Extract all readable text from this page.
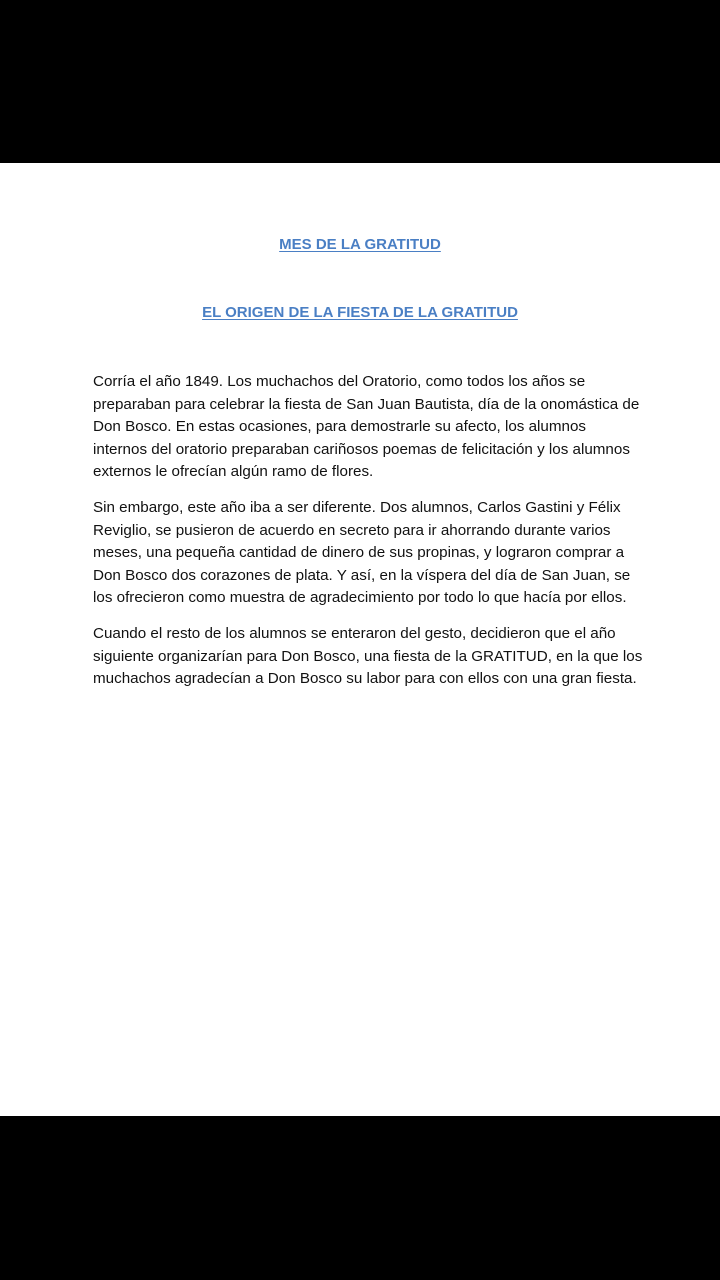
MES DE LA GRATITUD
EL ORIGEN DE LA FIESTA DE LA GRATITUD

Corría el año 1849. Los muchachos del Oratorio, como todos los años se preparaban para celebrar la fiesta de San Juan Bautista, día de la onomástica de Don Bosco. En estas ocasiones, para demostrarle su afecto, los alumnos internos del oratorio preparaban cariñosos poemas de felicitación y los alumnos externos le ofrecían algún ramo de flores.

Sin embargo, este año iba a ser diferente. Dos alumnos, Carlos Gastini y Félix Reviglio, se pusieron de acuerdo en secreto para ir ahorrando durante varios meses, una pequeña cantidad de dinero de sus propinas, y lograron comprar a Don Bosco dos corazones de plata. Y así, en la víspera del día de San Juan, se los ofrecieron como muestra de agradecimiento por todo lo que hacía por ellos.

Cuando el resto de los alumnos se enteraron del gesto, decidieron que el año siguiente organizarían para Don Bosco, una fiesta de la GRATITUD, en la que los muchachos agradecían a Don Bosco su labor para con ellos con una gran fiesta.
